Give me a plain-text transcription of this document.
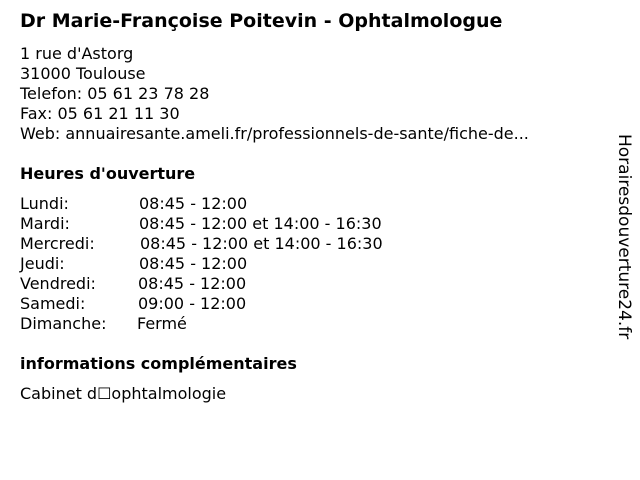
Dr Marie-Françoise Poitevin - Ophtalmologue
1 rue d'Astorg
31000 Toulouse
Telefon: 05 61 23 78 28
Fax: 05 61 21 11 30
Web: annuairesante.ameli.fr/professionnels-de-sante/fiche-de...
Heures d'ouverture
Lundi:	08:45 - 12:00
Mardi:	08:45 - 12:00 et 14:00 - 16:30
Mercredi:	08:45 - 12:00 et 14:00 - 16:30
Jeudi:	08:45 - 12:00
Vendredi:	08:45 - 12:00
Samedi:	09:00 - 12:00
Dimanche: Fermé
informations complémentaires
Cabinet d☐ophtalmologie
Horairesdouverture24.fr
